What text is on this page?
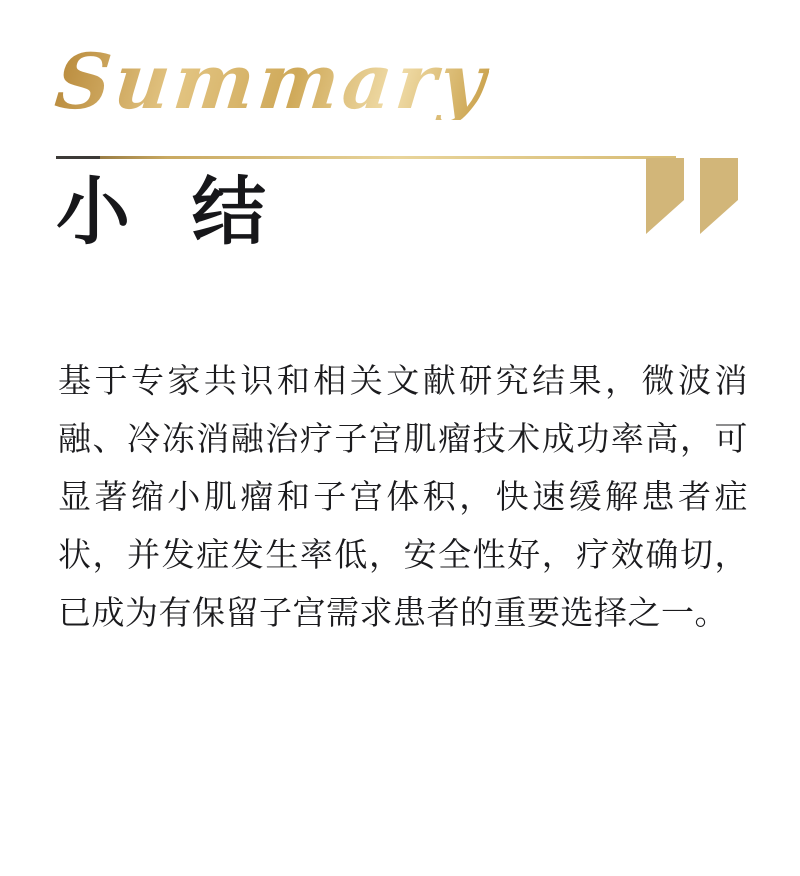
Summary
小 结

基于专家共识和相关文献研究结果，微波消融、冷冻消融治疗子宫肌瘤技术成功率高，可显著缩小肌瘤和子宫体积，快速缓解患者症状，并发症发生率低，安全性好，疗效确切，已成为有保留子宫需求患者的重要选择之一。
